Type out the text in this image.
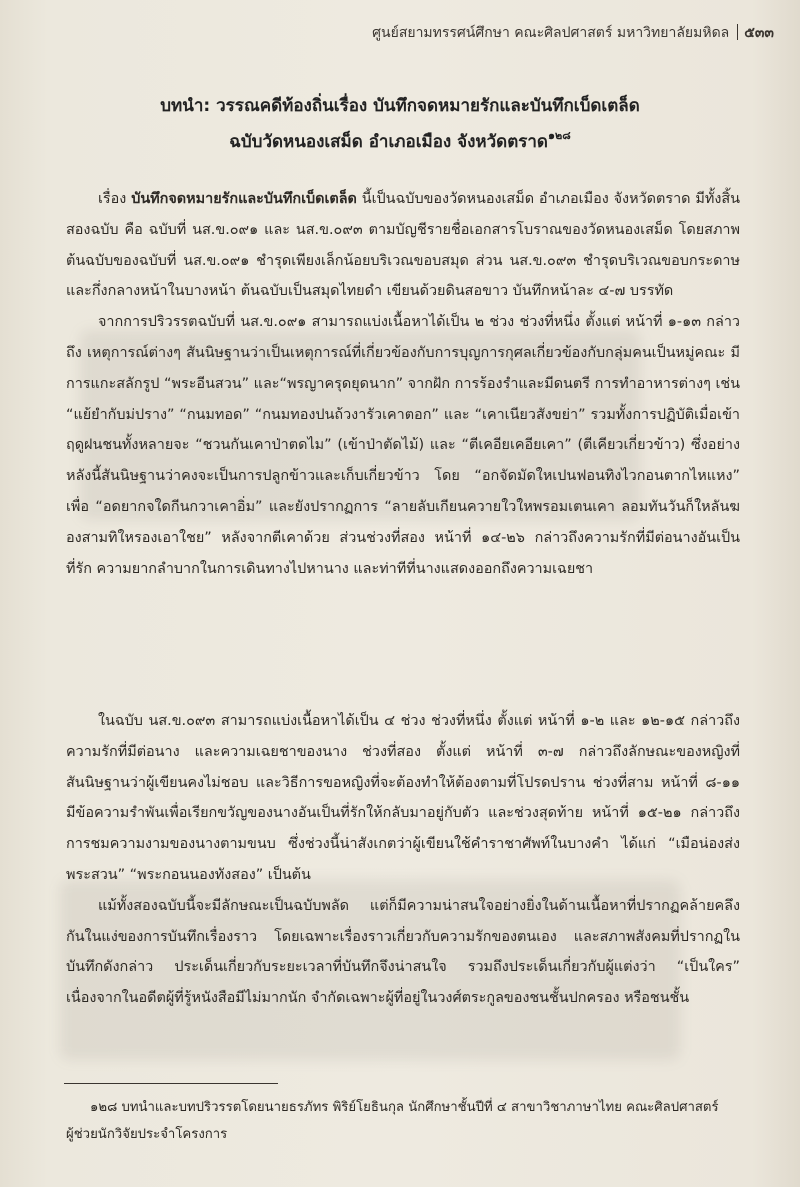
ศูนย์สยามทรรศน์ศึกษา คณะศิลปศาสตร์ มหาวิทยาลัยมหิดล ๕๓๓
บทนำ: วรรณคดีท้องถิ่นเรื่อง บันทึกจดหมายรักและบันทึกเบ็ดเตล็ด
ฉบับวัดหนองเสม็ด อำเภอเมือง จังหวัดตราด$^{๑๒๘}$

เรื่อง บันทึกจดหมายรักและบันทึกเบ็ดเตล็ด นี้เป็นฉบับของวัดหนองเสม็ด อำเภอเมือง จังหวัดตราด มีทั้งสิ้นสองฉบับ คือ ฉบับที่ นส.ข.๐๙๑ และ นส.ข.๐๙๓ ตามบัญชีรายชื่อเอกสารโบราณของวัดหนองเสม็ด โดยสภาพต้นฉบับของฉบับที่ นส.ข.๐๙๑ ชำรุดเพียงเล็กน้อยบริเวณขอบสมุด ส่วน นส.ข.๐๙๓ ชำรุดบริเวณขอบกระดาษและกึ่งกลางหน้าในบางหน้า ต้นฉบับเป็นสมุดไทยดำ เขียนด้วยดินสอขาว บันทึกหน้าละ ๔-๗ บรรทัด

จากการปริวรรตฉบับที่ นส.ข.๐๙๑ สามารถแบ่งเนื้อหาได้เป็น ๒ ช่วง ช่วงที่หนึ่ง ตั้งแต่ หน้าที่ ๑-๑๓ กล่าวถึง เหตุการณ์ต่างๆ สันนิษฐานว่าเป็นเหตุการณ์ที่เกี่ยวข้องกับการบุญการกุศลเกี่ยวข้องกับกลุ่มคนเป็นหมู่คณะ มีการแกะสลักรูป “พระอีนสวน” และ“พรญาครุดยุดนาก” จากฝัก การร้องรำและมีดนตรี การทำอาหารต่างๆ เช่น “แย้ยำกับม่ปราง” “กนมทอด” “กนมทองปนถ้วงารัวเคาตอก” และ “เคาเนียวสังขย่า” รวมทั้งการปฏิบัติเมื่อเข้าฤดูฝนชนทั้งหลายจะ “ชวนกันเคาป่าตดไม” (เข้าป่าตัดไม้) และ “ตีเคอียเคอียเคา” (ตีเคียวเกี่ยวข้าว) ซึ่งอย่างหลังนี้สันนิษฐานว่าคงจะเป็นการปลูกข้าวและเก็บเกี่ยวข้าว โดย “อกจัดมัดใหเปนฟอนทิงไวกอนตากไหแหง” เพื่อ “อดยากจใดกีนกวาเคาอิ่ม” และยังปรากฏการ “ลายลับเกียนควายใวใหพรอมเตนเคา ลอมทันวันก็ใหลันฆองสามทิใหรองเอาใชย” หลังจากตีเคาด้วย ส่วนช่วงที่สอง หน้าที่ ๑๔-๒๖ กล่าวถึงความรักที่มีต่อนางอันเป็นที่รัก ความยากลำบากในการเดินทางไปหานาง และท่าทีที่นางแสดงออกถึงความเฉยชา

ในฉบับ นส.ข.๐๙๓ สามารถแบ่งเนื้อหาได้เป็น ๔ ช่วง ช่วงที่หนึ่ง ตั้งแต่ หน้าที่ ๑-๒ และ ๑๒-๑๕ กล่าวถึง ความรักที่มีต่อนาง และความเฉยชาของนาง ช่วงที่สอง ตั้งแต่ หน้าที่ ๓-๗ กล่าวถึงลักษณะของหญิงที่สันนิษฐานว่าผู้เขียนคงไม่ชอบ และวิธีการขอหญิงที่จะต้องทำให้ต้องตามที่โปรดปราน ช่วงที่สาม หน้าที่ ๘-๑๑ มีข้อความรำพันเพื่อเรียกขวัญของนางอันเป็นที่รักให้กลับมาอยู่กับตัว และช่วงสุดท้าย หน้าที่ ๑๕-๒๑ กล่าวถึงการชมความงามของนางตามขนบ ซึ่งช่วงนี้น่าสังเกตว่าผู้เขียนใช้คำราชาศัพท์ในบางคำ ได้แก่ “เมือน่องส่งพระสวน” “พระกอนนองทังสอง” เป็นต้น

แม้ทั้งสองฉบับนี้จะมีลักษณะเป็นฉบับพลัด แต่ก็มีความน่าสนใจอย่างยิ่งในด้านเนื้อหาที่ปรากฏคล้ายคลึงกันในแง่ของการบันทึกเรื่องราว โดยเฉพาะเรื่องราวเกี่ยวกับความรักของตนเอง และสภาพสังคมที่ปรากฏในบันทึกดังกล่าว ประเด็นเกี่ยวกับระยะเวลาที่บันทึกจึงน่าสนใจ รวมถึงประเด็นเกี่ยวกับผู้แต่งว่า “เป็นใคร” เนื่องจากในอดีตผู้ที่รู้หนังสือมีไม่มากนัก จำกัดเฉพาะผู้ที่อยู่ในวงศ์ตระกูลของชนชั้นปกครอง หรือชนชั้น

๑๒๘ บทนำและบทปริวรรตโดยนายธรภัทร พิริย์โยธินกุล นักศึกษาชั้นปีที่ ๔ สาขาวิชาภาษาไทย คณะศิลปศาสตร์
ผู้ช่วยนักวิจัยประจำโครงการ
